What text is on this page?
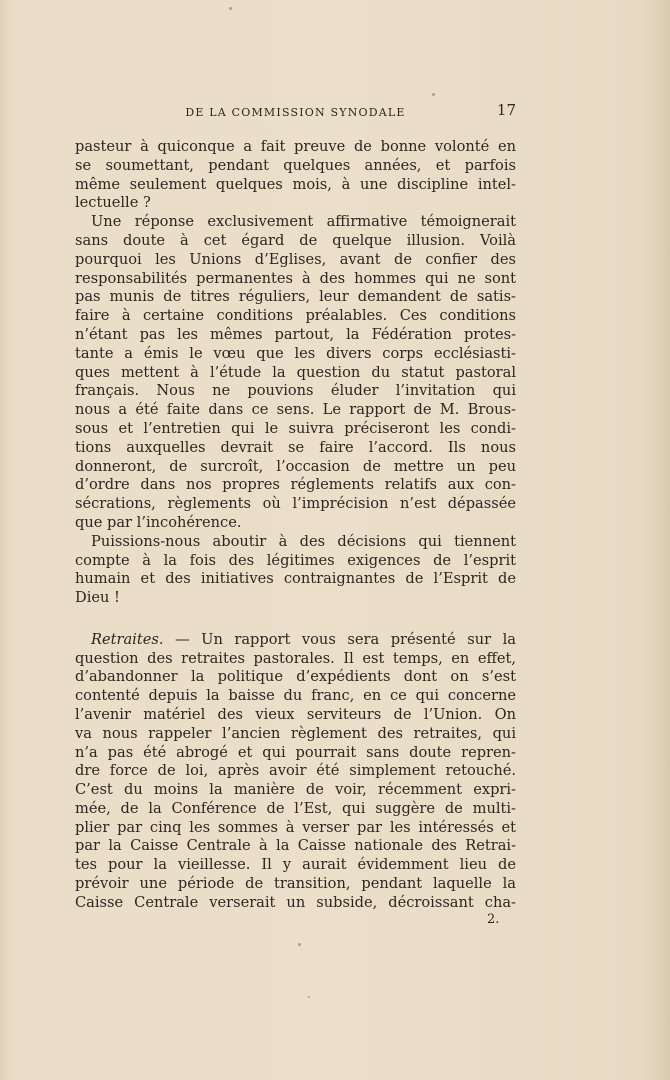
DE LA COMMISSION SYNODALE	17
pasteur à quiconque a fait preuve de bonne volonté en
se soumettant, pendant quelques années, et parfois
même seulement quelques mois, à une discipline intel-
lectuelle ?
Une réponse exclusivement affirmative témoignerait
sans doute à cet égard de quelque illusion. Voilà
pourquoi les Unions d’Eglises, avant de confier des
responsabilités permanentes à des hommes qui ne sont
pas munis de titres réguliers, leur demandent de satis-
faire à certaine conditions préalables. Ces conditions
n’étant pas les mêmes partout, la Fédération protes-
tante a émis le vœu que les divers corps ecclésiasti-
ques mettent à l’étude la question du statut pastoral
français. Nous ne pouvions éluder l’invitation qui
nous a été faite dans ce sens. Le rapport de M. Brous-
sous et l’entretien qui le suivra préciseront les condi-
tions auxquelles devrait se faire l’accord. Ils nous
donneront, de surcroît, l’occasion de mettre un peu
d’ordre dans nos propres réglements relatifs aux con-
sécrations, règlements où l’imprécision n’est dépassée
que par l’incohérence.
Puissions-nous aboutir à des décisions qui tiennent
compte à la fois des légitimes exigences de l’esprit
humain et des initiatives contraignantes de l’Esprit de
Dieu !
Retraites. — Un rapport vous sera présenté sur la
question des retraites pastorales. Il est temps, en effet,
d’abandonner la politique d’expédients dont on s’est
contenté depuis la baisse du franc, en ce qui concerne
l’avenir matériel des vieux serviteurs de l’Union. On
va nous rappeler l’ancien règlement des retraites, qui
n’a pas été abrogé et qui pourrait sans doute repren-
dre force de loi, après avoir été simplement retouché.
C’est du moins la manière de voir, récemment expri-
mée, de la Conférence de l’Est, qui suggère de multi-
plier par cinq les sommes à verser par les intéressés et
par la Caisse Centrale à la Caisse nationale des Retrai-
tes pour la vieillesse. Il y aurait évidemment lieu de
prévoir une période de transition, pendant laquelle la
Caisse Centrale verserait un subside, décroissant cha-
2.
